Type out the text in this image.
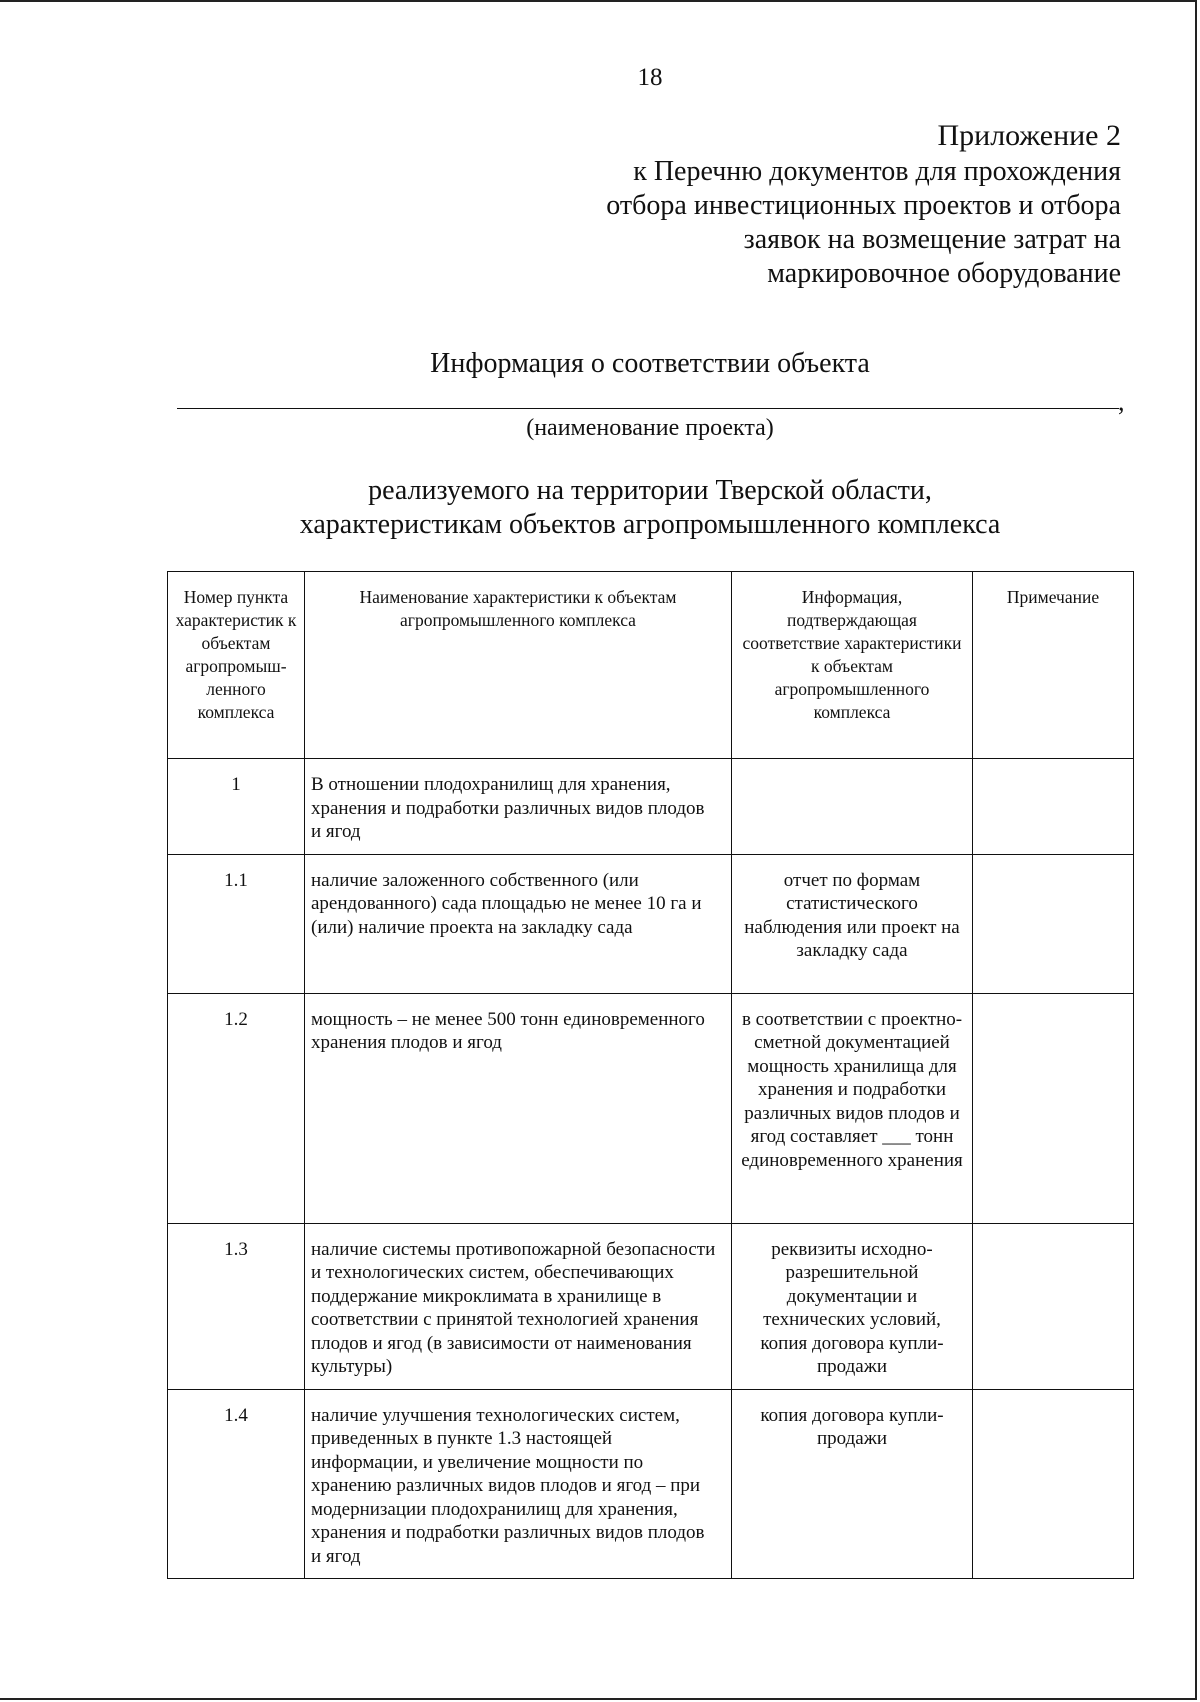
18
Приложение 2
к Перечню документов для прохождения
отбора инвестиционных проектов и отбора
заявок на возмещение затрат на
маркировочное оборудование
Информация о соответствии объекта
,
(наименование проекта)
реализуемого на территории Тверской области,
характеристикам объектов агропромышленного комплекса
Номер пункта характеристик к объектам агропромыш-ленного комплекса	Наименование характеристики к объектам агропромышленного комплекса	Информация, подтверждающая соответствие характеристики к объектам агропромышленного комплекса	Примечание
1	В отношении плодохранилищ для хранения, хранения и подработки различных видов плодов и ягод		
1.1	наличие заложенного собственного (или арендованного) сада площадью не менее 10 га и (или) наличие проекта на закладку сада	отчет по формам статистического наблюдения или проект на закладку сада	
1.2	мощность – не менее 500 тонн единовременного хранения плодов и ягод	в соответствии с проектно-сметной документацией мощность хранилища для хранения и подработки различных видов плодов и ягод составляет ___ тонн единовременного хранения	
1.3	наличие системы противопожарной безопасности и технологических систем, обеспечивающих поддержание микроклимата в хранилище в соответствии с принятой технологией хранения плодов и ягод (в зависимости от наименования культуры)	реквизиты исходно-разрешительной документации и технических условий, копия договора купли-продажи	
1.4	наличие улучшения технологических систем, приведенных в пункте 1.3 настоящей информации, и увеличение мощности по хранению различных видов плодов и ягод – при модернизации плодохранилищ для хранения, хранения и подработки различных видов плодов и ягод	копия договора купли-продажи	
